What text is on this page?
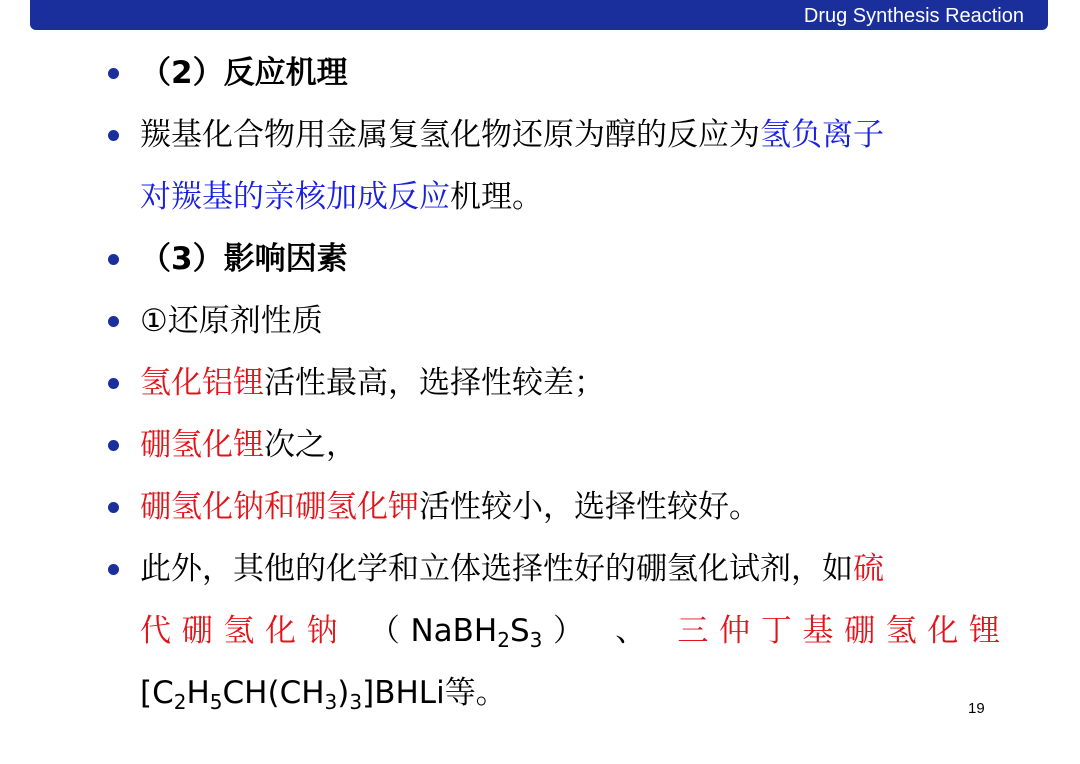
Drug Synthesis Reaction
（2）反应机理
羰基化合物用金属复氢化物还原为醇的反应为氢负离子
对羰基的亲核加成反应机理。
（3）影响因素
①还原剂性质
氢化铝锂活性最高，选择性较差；
硼氢化锂次之，
硼氢化钠和硼氢化钾活性较小，选择性较好。
此外，其他的化学和立体选择性好的硼氢化试剂，如硫
代硼氢化钠 $(NaBH_2S_3)$ 、 三仲丁基硼氢化锂
$[C_2H_5CH(CH_3)_3]BHLi$等。	19
